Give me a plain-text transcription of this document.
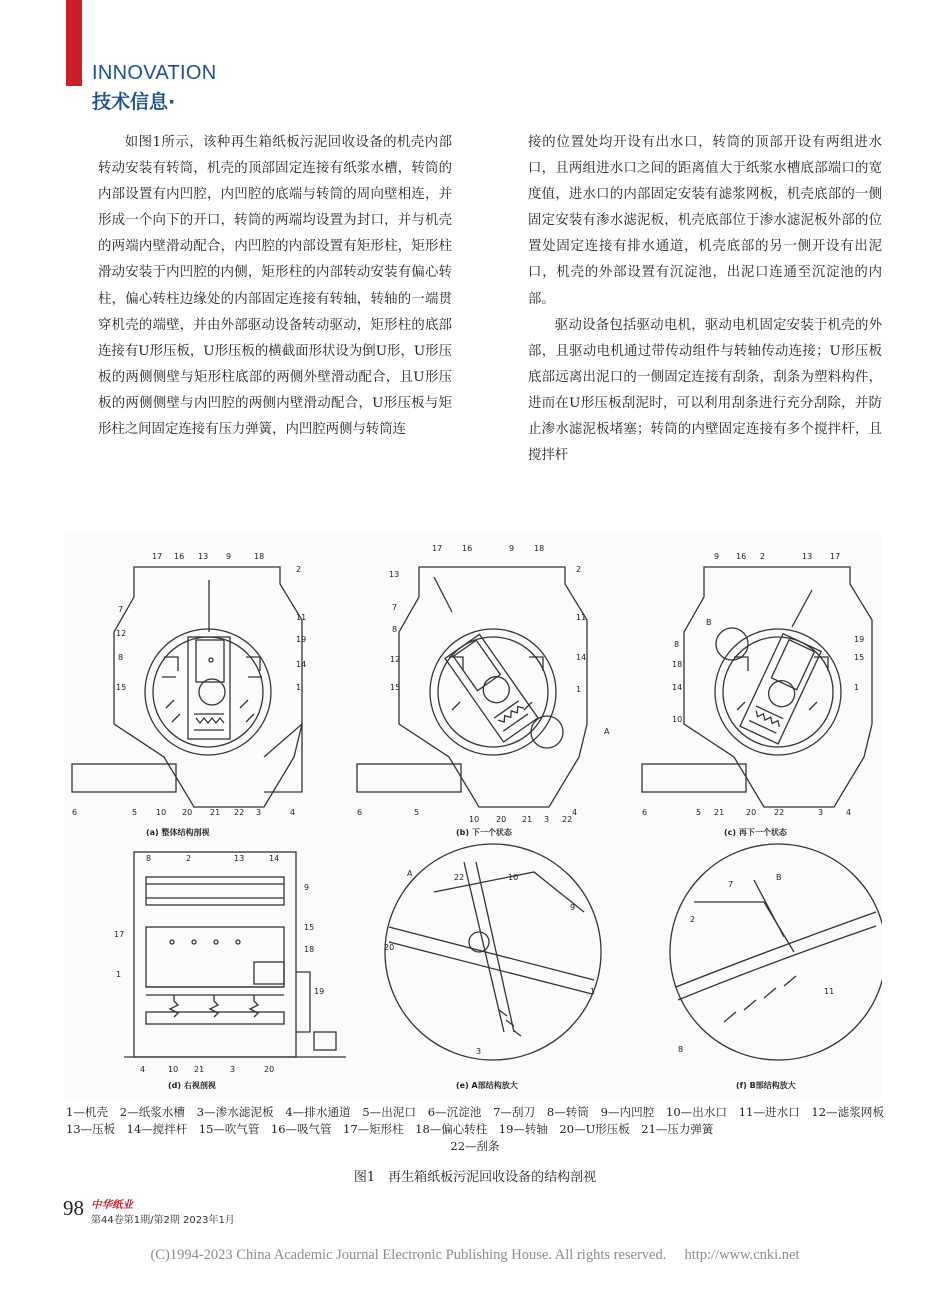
INNOVATION
技术信息·

如图1所示，该种再生箱纸板污泥回收设备的机壳内部转动安装有转筒，机壳的顶部固定连接有纸浆水槽，转筒的内部设置有内凹腔，内凹腔的底端与转筒的周向壁相连，并形成一个向下的开口，转筒的两端均设置为封口，并与机壳的两端内壁滑动配合，内凹腔的内部设置有矩形柱，矩形柱滑动安装于内凹腔的内侧，矩形柱的内部转动安装有偏心转柱，偏心转柱边缘处的内部固定连接有转轴，转轴的一端贯穿机壳的端壁，并由外部驱动设备转动驱动，矩形柱的底部连接有U形压板，U形压板的横截面形状设为倒U形，U形压板的两侧侧壁与矩形柱底部的两侧外壁滑动配合，且U形压板的两侧侧壁与内凹腔的两侧内壁滑动配合，U形压板与矩形柱之间固定连接有压力弹簧，内凹腔两侧与转筒连

接的位置处均开设有出水口，转筒的顶部开设有两组进水口，且两组进水口之间的距离值大于纸浆水槽底部端口的宽度值，进水口的内部固定安装有滤浆网板，机壳底部的一侧固定安装有渗水滤泥板，机壳底部位于渗水滤泥板外部的位置处固定连接有排水通道，机壳底部的另一侧开设有出泥口，机壳的外部设置有沉淀池，出泥口连通至沉淀池的内部。

驱动设备包括驱动电机，驱动电机固定安装于机壳的外部，且驱动电机通过带传动组件与转轴传动连接；U形压板底部远离出泥口的一侧固定连接有刮条，刮条为塑料构件，进而在U形压板刮泥时，可以利用刮条进行充分刮除，并防止渗水滤泥板堵塞；转筒的内壁固定连接有多个搅拌杆，且搅拌杆

17 16 13 9	18
2
7
12
8
15
11
19
14
1
6	5 10 20 21 22 3	4
17 16	9 18
13
2
7
8
12
15
11
14
1
6	5
10 20 21 3 22
4
9 16 2	13 17
19
15
1
8
18
14
10
6	5 21	20 22	3	4
8	2	13	14
9
15
18
19
17
1
4	10 21	3	20
22	10
9
20
1
3
7
B
2
11
8
A
B
A
(a) 整体结构剖视	(b) 下一个状态	(c) 再下一个状态
(d) 右视剖视	(e) A部结构放大	(f) B部结构放大
1—机壳　2—纸浆水槽　3—渗水滤泥板　4—排水通道　5—出泥口　6—沉淀池　7—刮刀　8—转筒　9—内凹腔　10—出水口　11—进水口　12—滤浆网板　13—压板　14—搅拌杆　15—吹气管　16—吸气管　17—矩形柱　18—偏心转柱　19—转轴　20—U形压板　21—压力弹簧
22—刮条
图1　再生箱纸板污泥回收设备的结构剖视
98 中华纸业
第44卷第1期/第2期 2023年1月
(C)1994-2023 China Academic Journal Electronic Publishing House. All rights reserved.　 http://www.cnki.net
